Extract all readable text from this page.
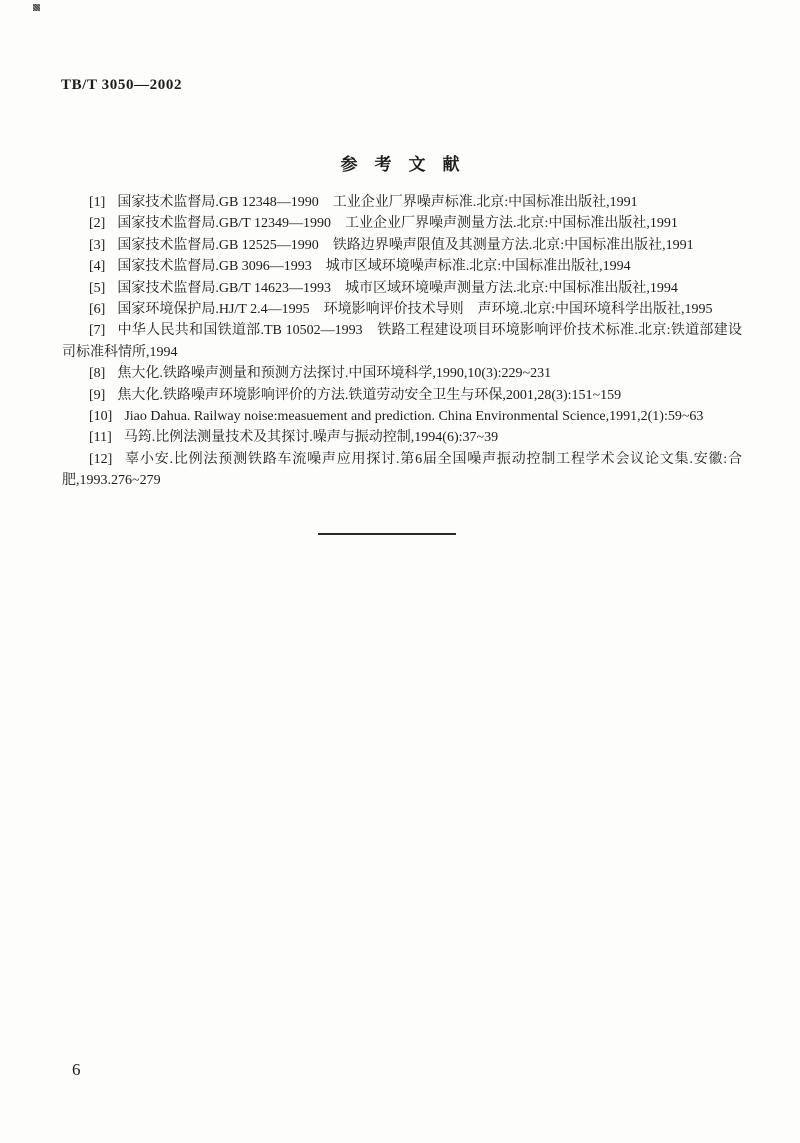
TB/T 3050—2002
参考文献

[1] 国家技术监督局.GB 12348—1990　工业企业厂界噪声标准.北京:中国标准出版社,1991

[2] 国家技术监督局.GB/T 12349—1990　工业企业厂界噪声测量方法.北京:中国标准出版社,1991

[3] 国家技术监督局.GB 12525—1990　铁路边界噪声限值及其测量方法.北京:中国标准出版社,1991

[4] 国家技术监督局.GB 3096—1993　城市区域环境噪声标准.北京:中国标准出版社,1994

[5] 国家技术监督局.GB/T 14623—1993　城市区域环境噪声测量方法.北京:中国标准出版社,1994

[6] 国家环境保护局.HJ/T 2.4—1995　环境影响评价技术导则　声环境.北京:中国环境科学出版社,1995

[7] 中华人民共和国铁道部.TB 10502—1993　铁路工程建设项目环境影响评价技术标准.北京:铁道部建设司标准科情所,1994

[8] 焦大化.铁路噪声测量和预测方法探讨.中国环境科学,1990,10(3):229~231

[9] 焦大化.铁路噪声环境影响评价的方法.铁道劳动安全卫生与环保,2001,28(3):151~159

[10] Jiao Dahua. Railway noise:measuement and prediction. China Environmental Science,1991,2(1):59~63

[11] 马筠.比例法测量技术及其探讨.噪声与振动控制,1994(6):37~39

[12] 辜小安.比例法预测铁路车流噪声应用探讨.第6届全国噪声振动控制工程学术会议论文集.安徽:合肥,1993.276~279

6
